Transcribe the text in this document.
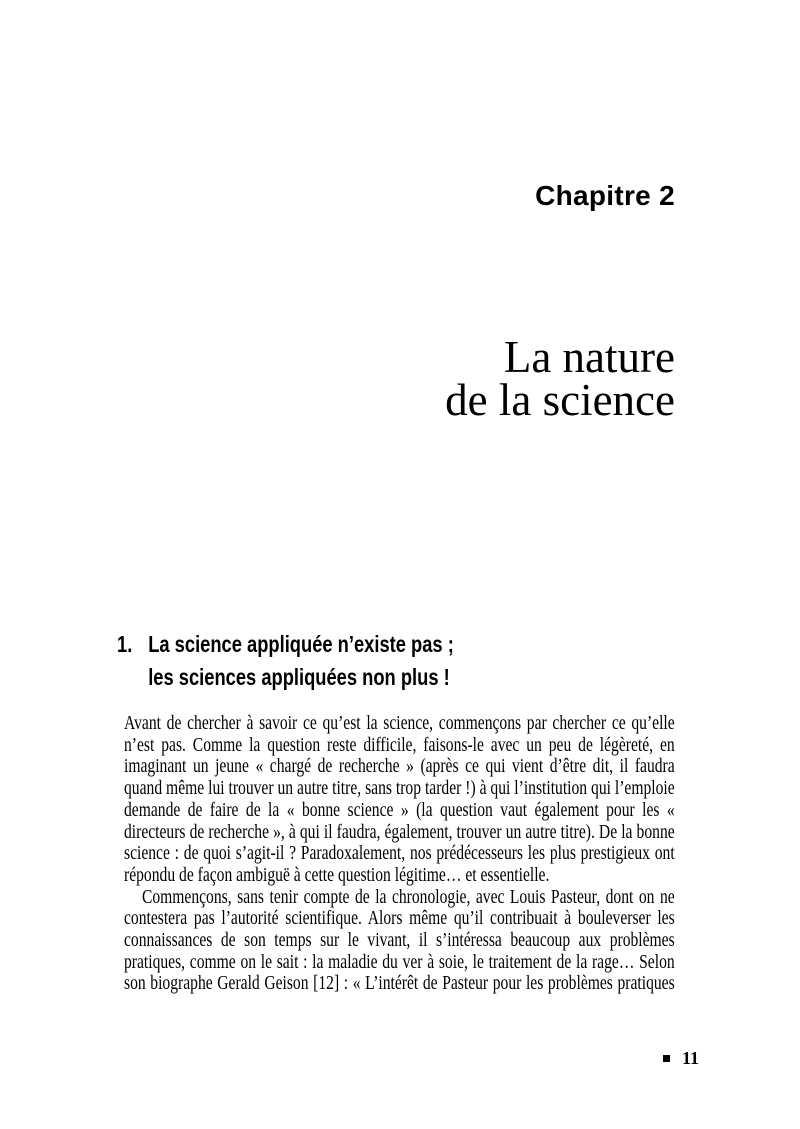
Chapitre 2
La nature
de la science
1. La science appliquée n’existe pas ;
les sciences appliquées non plus !

Avant de chercher à savoir ce qu’est la science, commençons par chercher ce qu’elle n’est pas. Comme la question reste difficile, faisons-le avec un peu de légèreté, en imaginant un jeune « chargé de recherche » (après ce qui vient d’être dit, il faudra quand même lui trouver un autre titre, sans trop tarder !) à qui l’institution qui l’emploie demande de faire de la « bonne science » (la question vaut également pour les « directeurs de recherche », à qui il faudra, également, trouver un autre titre). De la bonne science : de quoi s’agit-il ? Paradoxalement, nos prédécesseurs les plus prestigieux ont répondu de façon ambiguë à cette question légitime… et essentielle.

Commençons, sans tenir compte de la chronologie, avec Louis Pasteur, dont on ne contestera pas l’autorité scientifique. Alors même qu’il contribuait à bouleverser les connaissances de son temps sur le vivant, il s’intéressa beaucoup aux problèmes pratiques, comme on le sait : la maladie du ver à soie, le traitement de la rage… Selon son biographe Gerald Geison [12] : « L’intérêt de Pasteur pour les problèmes pratiques

11
